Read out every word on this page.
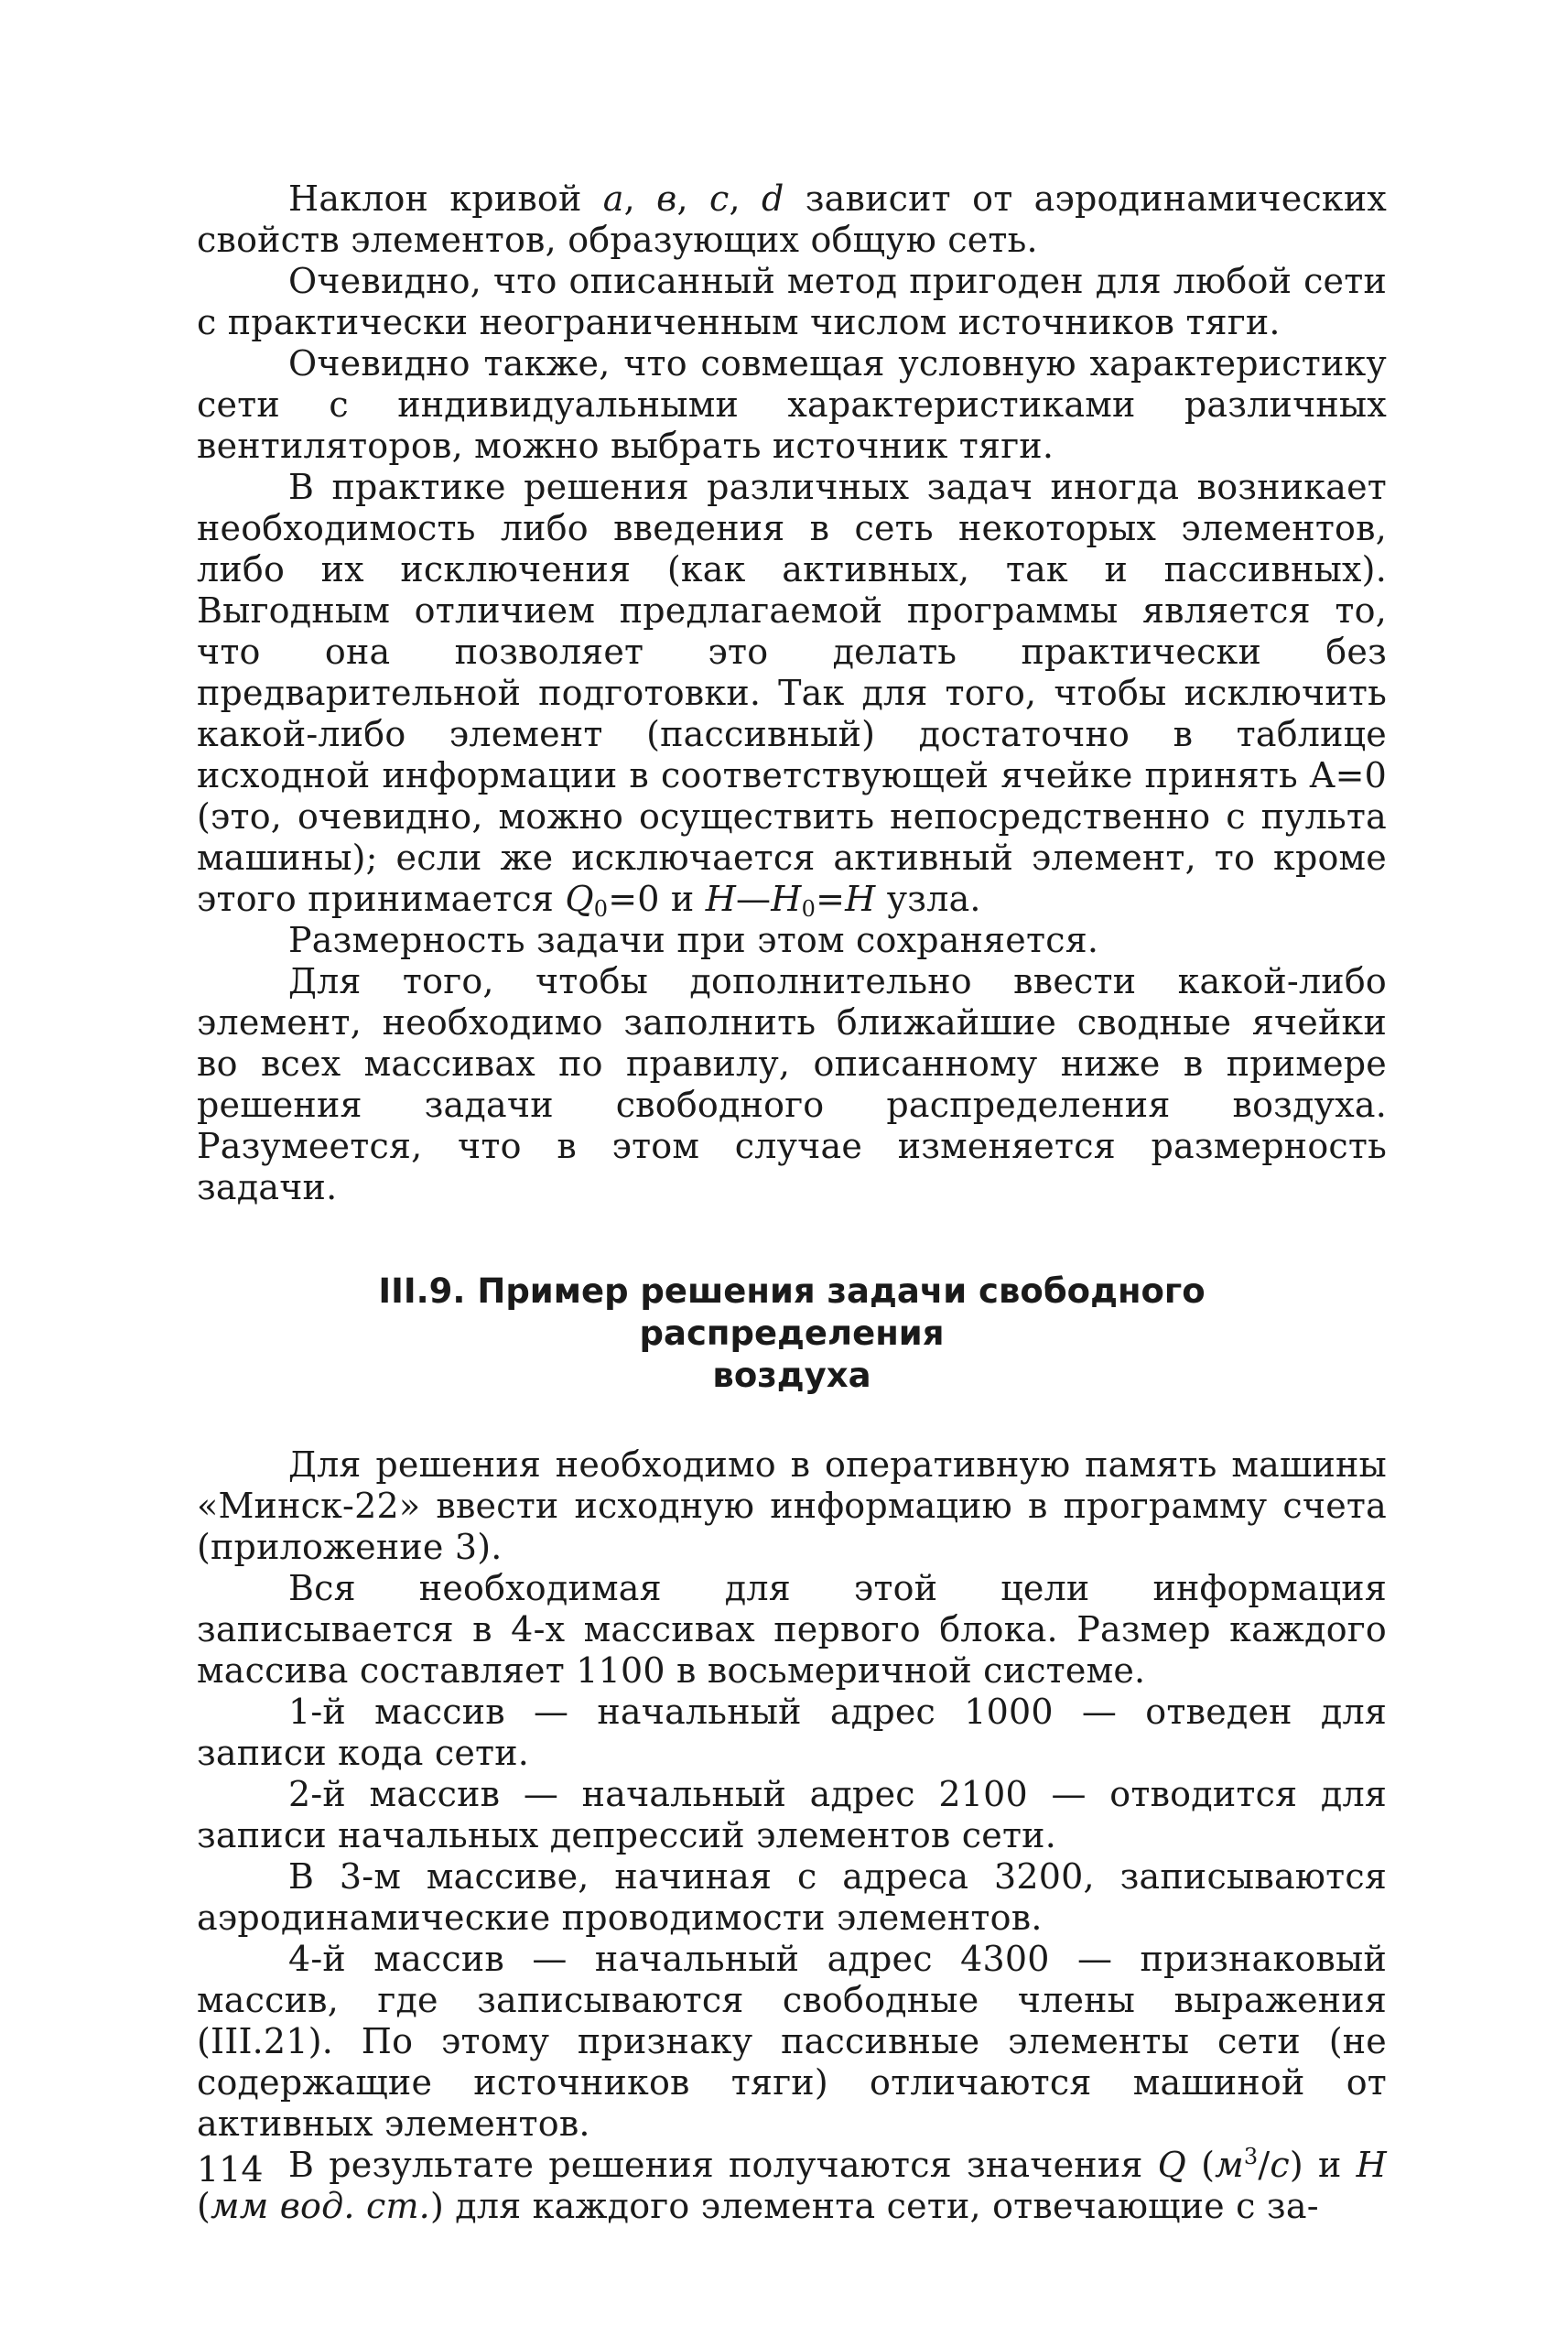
Наклон кривой a, в, c, d зависит от аэродинамических свойств элементов, образующих общую сеть.

Очевидно, что описанный метод пригоден для любой сети с практически неограниченным числом источников тяги.

Очевидно также, что совмещая условную характеристику сети с индивидуальными характеристиками различных вентиляторов, можно выбрать источник тяги.

В практике решения различных задач иногда возникает необходимость либо введения в сеть некоторых элементов, либо их исключения (как активных, так и пассивных). Выгодным отличием предлагаемой программы является то, что она позволяет это делать практически без предварительной подготовки. Так для того, чтобы исключить какой-либо элемент (пассивный) достаточно в таблице исходной информации в соответствующей ячейке принять A=0 (это, очевидно, можно осуществить непосредственно с пульта машины); если же исключается активный элемент, то кроме этого принимается $Q_0=0$ и $H—H_0=H$ узла.

Размерность задачи при этом сохраняется.

Для того, чтобы дополнительно ввести какой-либо элемент, необходимо заполнить ближайшие сводные ячейки во всех массивах по правилу, описанному ниже в примере решения задачи свободного распределения воздуха. Разумеется, что в этом случае изменяется размерность задачи.

III.9. Пример решения задачи свободного распределения
воздуха

Для решения необходимо в оперативную память машины «Минск-22» ввести исходную информацию в программу счета (приложение 3).

Вся необходимая для этой цели информация записывается в 4-х массивах первого блока. Размер каждого массива составляет 1100 в восьмеричной системе.

1-й массив — начальный адрес 1000 — отведен для записи кода сети.

2-й массив — начальный адрес 2100 — отводится для записи начальных депрессий элементов сети.

В 3-м массиве, начиная с адреса 3200, записываются аэродинамические проводимости элементов.

4-й массив — начальный адрес 4300 — признаковый массив, где записываются свободные члены выражения (III.21). По этому признаку пассивные элементы сети (не содержащие источников тяги) отличаются машиной от активных элементов.

В результате решения получаются значения Q $(м^3/с)$ и H (мм вод. ст.) для каждого элемента сети, отвечающие с за-

114
